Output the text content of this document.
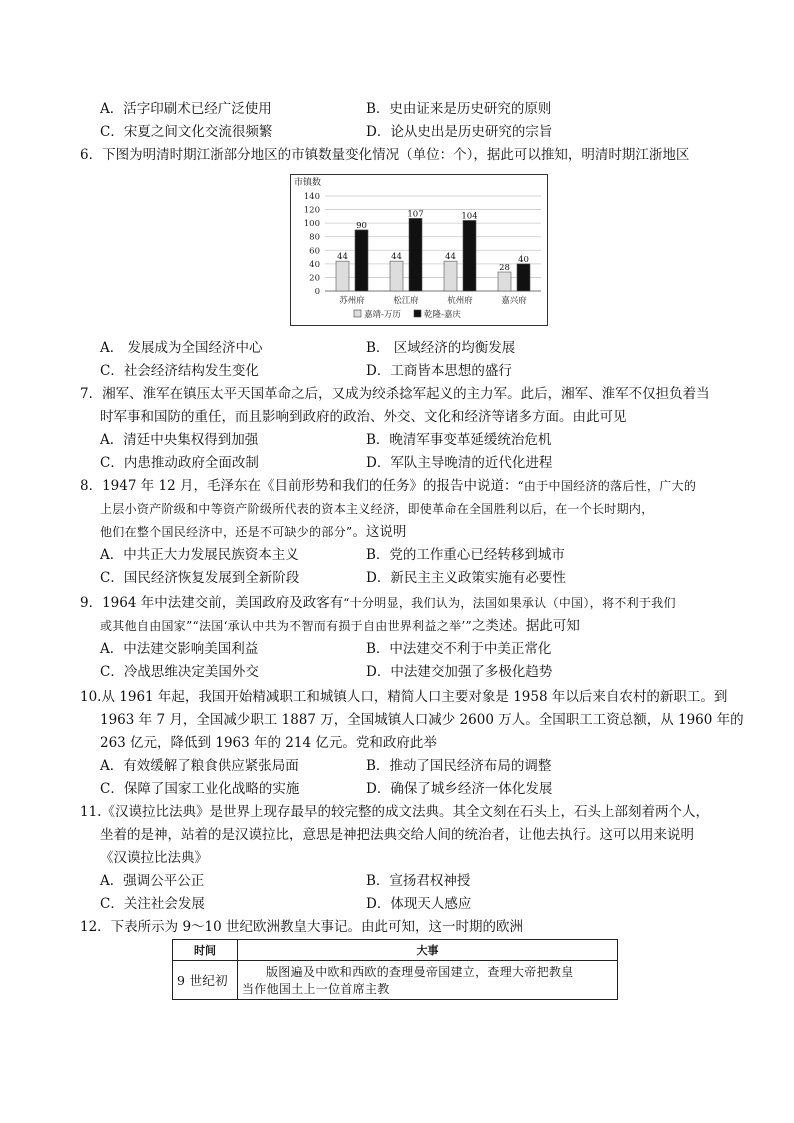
A．活字印刷术已经广泛使用	B．史由证来是历史研究的原则
C．宋夏之间文化交流很频繁	D．论从史出是历史研究的宗旨
6．下图为明清时期江浙部分地区的市镇数量变化情况（单位：个），据此可以推知，明清时期江浙地区
市镇数
0
20
40
60
80
100
120
140
44
90
苏州府
44
107
松江府
44
104
杭州府
28
40
嘉兴府
嘉靖-万历	乾隆-嘉庆
A． 发展成为全国经济中心	B． 区域经济的均衡发展
C．社会经济结构发生变化	D．工商皆本思想的盛行
7．湘军、淮军在镇压太平天国革命之后，又成为绞杀捻军起义的主力军。此后，湘军、淮军不仅担负着当
时军事和国防的重任，而且影响到政府的政治、外交、文化和经济等诸多方面。由此可见
A．清廷中央集权得到加强	B．晚清军事变革延缓统治危机
C．内患推动政府全面改制	D．军队主导晚清的近代化进程
8．1947 年 12 月，毛泽东在《目前形势和我们的任务》的报告中说道：“由于中国经济的落后性，广大的
上层小资产阶级和中等资产阶级所代表的资本主义经济，即使革命在全国胜利以后，在一个长时期内，
他们在整个国民经济中，还是不可缺少的部分”。这说明
A．中共正大力发展民族资本主义	B．党的工作重心已经转移到城市
C．国民经济恢复发展到全新阶段	D．新民主主义政策实施有必要性
9．1964 年中法建交前，美国政府及政客有“十分明显，我们认为，法国如果承认（中国），将不利于我们
或其他自由国家”“法国‘承认中共为不智而有损于自由世界利益之举’”之类述。据此可知
A．中法建交影响美国利益	B．中法建交不利于中美正常化
C．冷战思维决定美国外交	D．中法建交加强了多极化趋势
10.从 1961 年起，我国开始精减职工和城镇人口，精简人口主要对象是 1958 年以后来自农村的新职工。到
1963 年 7 月，全国减少职工 1887 万，全国城镇人口减少 2600 万人。全国职工工资总额，从 1960 年的
263 亿元，降低到 1963 年的 214 亿元。党和政府此举
A．有效缓解了粮食供应紧张局面	B．推动了国民经济布局的调整
C．保障了国家工业化战略的实施	D．确保了城乡经济一体化发展
11.《汉谟拉比法典》是世界上现存最早的较完整的成文法典。其全文刻在石头上，石头上部刻着两个人，
坐着的是神，站着的是汉谟拉比，意思是神把法典交给人间的统治者，让他去执行。这可以用来说明
《汉谟拉比法典》
A．强调公平公正	B．宣扬君权神授
C．关注社会发展	D．体现天人感应
12．下表所示为 9～10 世纪欧洲教皇大事记。由此可知，这一时期的欧洲
时间	大事
9 世纪初	版图遍及中欧和西欧的查理曼帝国建立，查理大帝把教皇
当作他国土上一位首席主教
